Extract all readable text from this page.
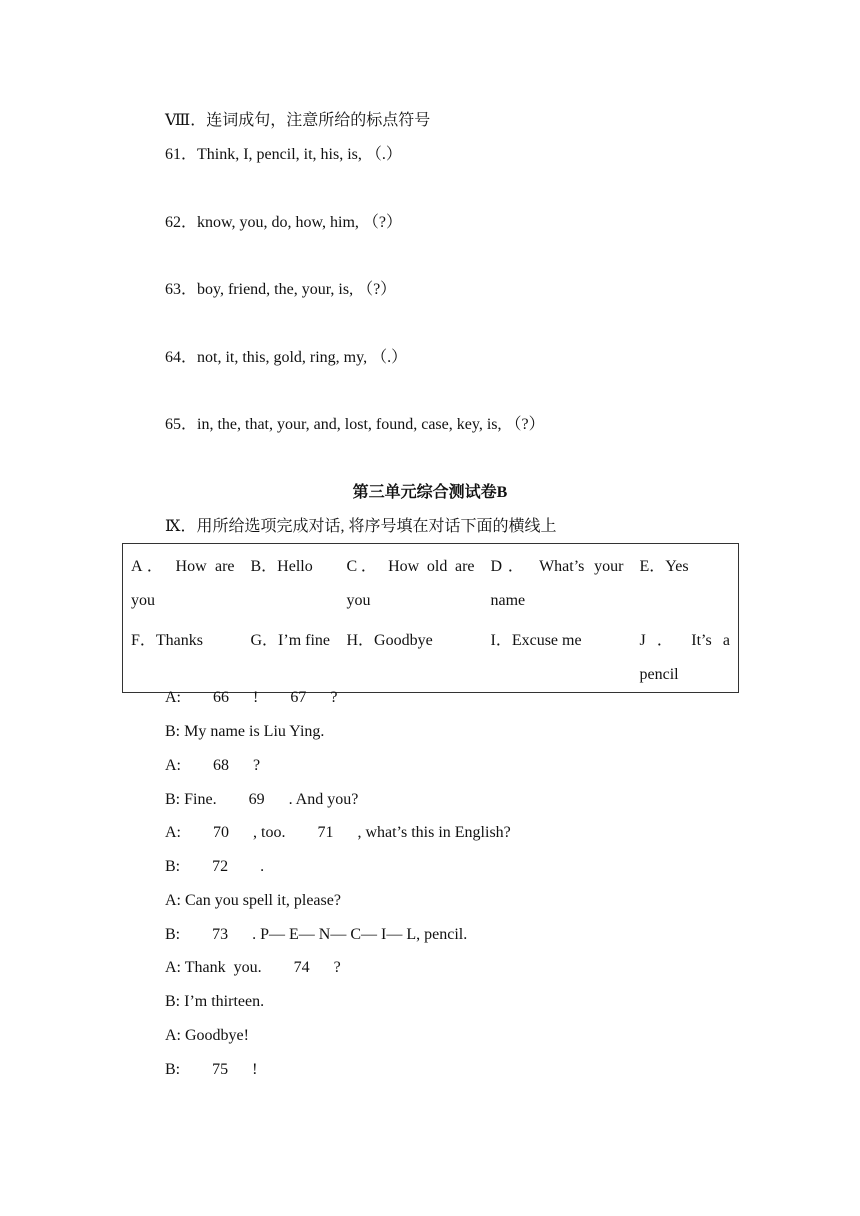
Ⅷ．连词成句，注意所给的标点符号
61．Think, I, pencil, it, his, is, （.）
62．know, you, do, how, him, （?）
63．boy, friend, the, your, is, （?）
64．not, it, this, gold, ring, my, （.）
65．in, the, that, your, and, lost, found, case, key, is, （?）
第三单元综合测试卷B
Ⅸ．用所给选项完成对话, 将序号填在对话下面的横线上
A． How are you	B．Hello	C． How old are you	D． What’s your name	E．Yes
F．Thanks	G．I’m fine	H．Goodbye	I．Excuse me	J ． It’s a pencil
A:        66      !        67      ?
B: My name is Liu Ying.
A:        68      ?
B: Fine.        69      . And you?
A:        70      , too.        71      , what’s this in English?
B:        72        .
A: Can you spell it, please?
B:        73      . P— E— N— C— I— L, pencil.
A: Thank  you.        74      ?
B: I’m thirteen.
A: Goodbye!
B:        75      !
